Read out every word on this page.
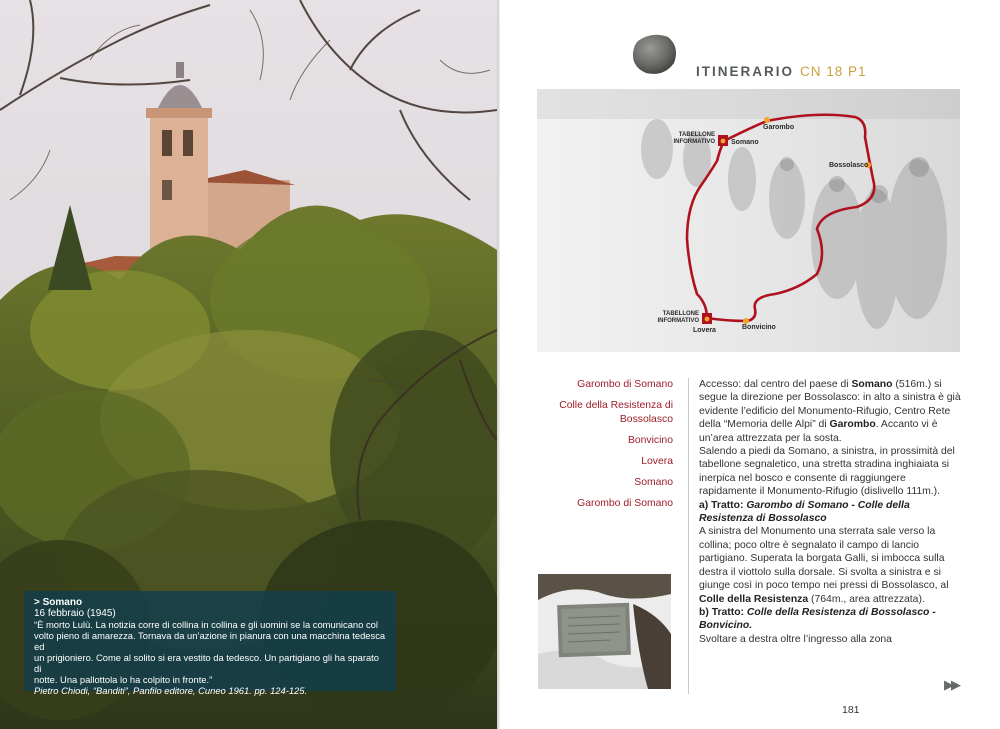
> Somano
16 febbraio (1945)
“È morto Lulù. La notizia corre di collina in collina e gli uomini se la comunicano col
volto pieno di amarezza. Tornava da un’azione in pianura con una macchina tedesca ed
un prigioniero. Come al solito si era vestito da tedesco. Un partigiano gli ha sparato di
notte. Una pallottola lo ha colpito in fronte.”
Pietro Chiodi, “Banditi”, Panfilo editore, Cuneo 1961. pp. 124-125.
ITINERARIO CN 18 P1
Garombo
Somano
Bossolasco
TABELLONE
INFORMATIVO
TABELLONE
INFORMATIVO
Lovera	Bonvicino
Garombo di Somano
Colle della Resistenza di Bossolasco
Bonvicino
Lovera
Somano
Garombo di Somano

Accesso: dal centro del paese di Somano (516m.) si segue la direzione per Bossolasco: in alto a sinistra è già evidente l’edificio del Monumento-Rifugio, Centro Rete della “Memoria delle Alpi” di Garombo. Accanto vi è un’area attrezzata per la sosta.

Salendo a piedi da Somano, a sinistra, in prossimità del tabellone segnaletico, una stretta stradina inghiaiata si inerpica nel bosco e consente di raggiungere rapidamente il Monumento-Rifugio (dislivello 111m.).

a) Tratto: Garombo di Somano - Colle della Resistenza di Bossolasco

A sinistra del Monumento una sterrata sale verso la collina; poco oltre è segnalato il campo di lancio partigiano. Superata la borgata Galli, si imbocca sulla destra il viottolo sulla dorsale. Si svolta a sinistra e si giunge così in poco tempo nei pressi di Bossolasco, al Colle della Resistenza (764m., area attrezzata).

b) Tratto: Colle della Resistenza di Bossolasco - Bonvicino.

Svoltare a destra oltre l’ingresso alla zona

▶▶
181
